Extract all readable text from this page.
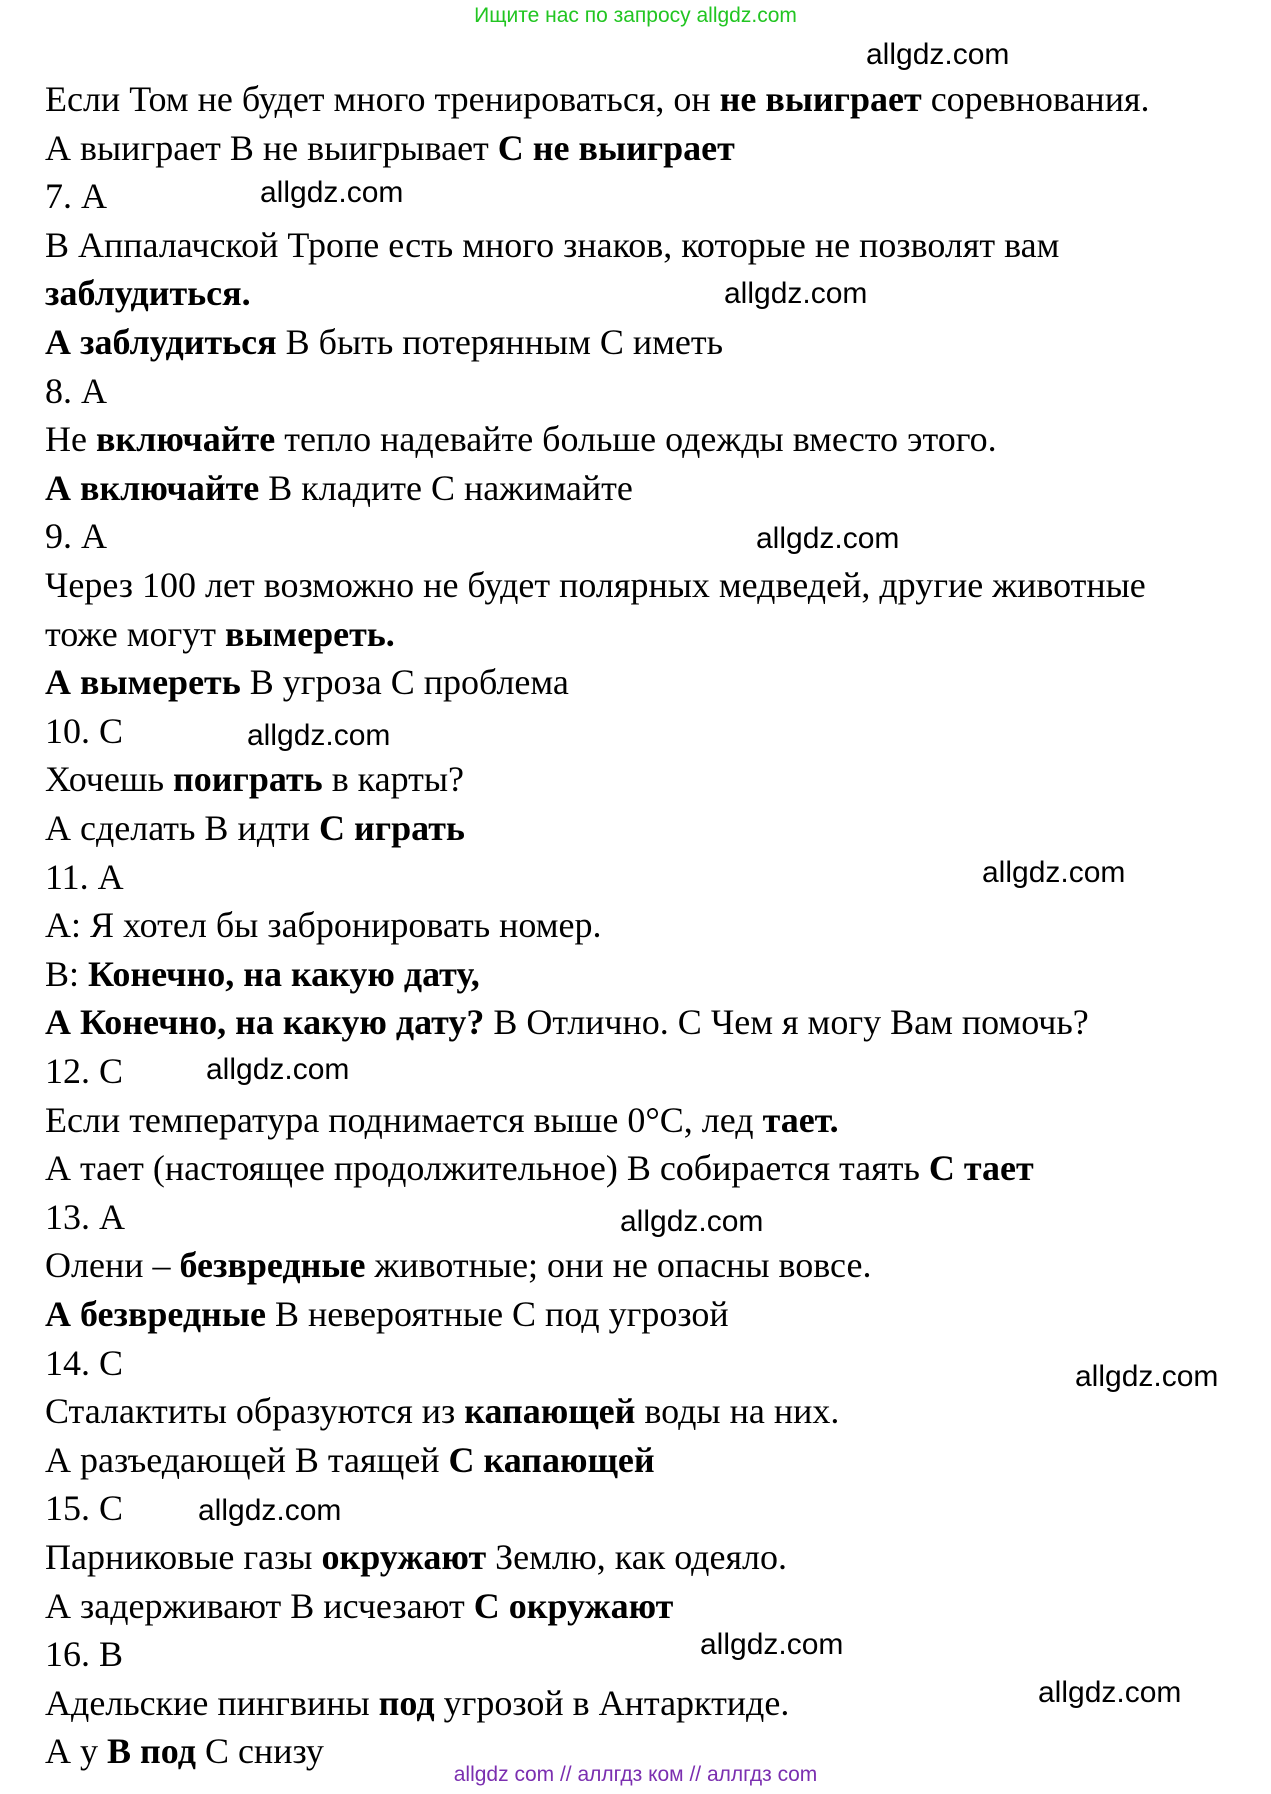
Ищите нас по запросу allgdz.com
Если Том не будет много тренироваться, он не выиграет соревнования.
А выиграет В не выигрывает С не выиграет
7. А
В Аппалачской Тропе есть много знаков, которые не позволят вам
заблудиться.
А заблудиться В быть потерянным С иметь
8. А
Не включайте тепло надевайте больше одежды вместо этого.
А включайте В кладите С нажимайте
9. А
Через 100 лет возможно не будет полярных медведей, другие животные
тоже могут вымереть.
А вымереть В угроза С проблема
10. С
Хочешь поиграть в карты?
А сделать В идти С играть
11. А
А: Я хотел бы забронировать номер.
В: Конечно, на какую дату,
А Конечно, на какую дату? В Отлично. С Чем я могу Вам помочь?
12. С
Если температура поднимается выше 0°С, лед тает.
А тает (настоящее продолжительное) В собирается таять С тает
13. А
Олени – безвредные животные; они не опасны вовсе.
А безвредные В невероятные С под угрозой
14. С
Сталактиты образуются из капающей воды на них.
А разъедающей В таящей С капающей
15. С
Парниковые газы окружают Землю, как одеяло.
А задерживают В исчезают С окружают
16. В
Адельские пингвины под угрозой в Антарктиде.
А у В под С снизу
allgdz.com
allgdz.com
allgdz.com
allgdz.com
allgdz.com
allgdz.com
allgdz.com
allgdz.com
allgdz.com
allgdz.com
allgdz.com
allgdz.com
allgdz com // аллгдз ком // аллгдз com
